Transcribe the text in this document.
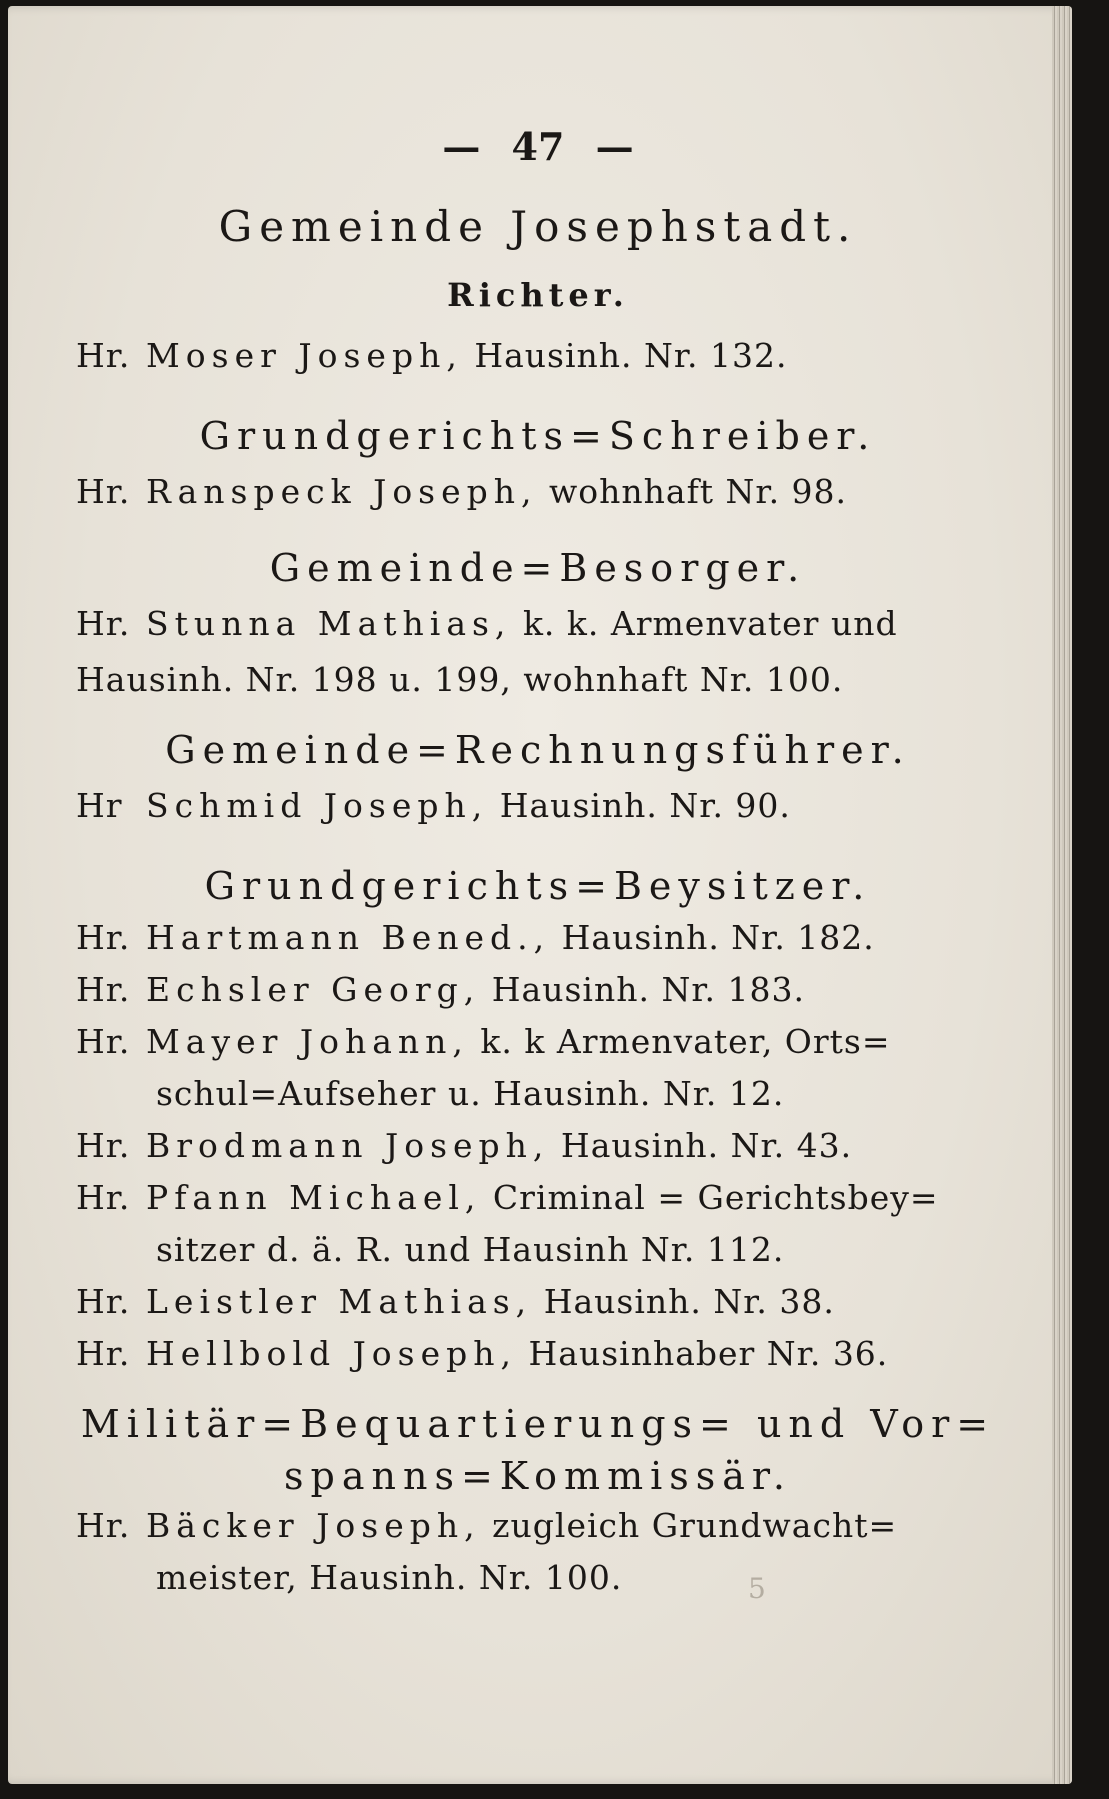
— 47 —
Gemeinde Josephstadt.
Richter.
Hr. Moser Joseph, Hausinh. Nr. 132.
Grundgerichts=Schreiber.
Hr. Ranspeck Joseph, wohnhaft Nr. 98.
Gemeinde=Besorger.
Hr. Stunna Mathias, k. k. Armenvater und
Hausinh. Nr. 198 u. 199, wohnhaft Nr. 100.
Gemeinde=Rechnungsführer.
Hr Schmid Joseph, Hausinh. Nr. 90.
Grundgerichts=Beysitzer.
Hr. Hartmann Bened., Hausinh. Nr. 182.
Hr. Echsler Georg, Hausinh. Nr. 183.
Hr. Mayer Johann, k. k Armenvater, Orts=
schul=Aufseher u. Hausinh. Nr. 12.
Hr. Brodmann Joseph, Hausinh. Nr. 43.
Hr. Pfann Michael, Criminal = Gerichtsbey=
sitzer d. ä. R. und Hausinh Nr. 112.
Hr. Leistler Mathias, Hausinh. Nr. 38.
Hr. Hellbold Joseph, Hausinhaber Nr. 36.
Militär=Bequartierungs= und Vor=
spanns=Kommissär.
Hr. Bäcker Joseph, zugleich Grundwacht=
meister, Hausinh. Nr. 100.	5
